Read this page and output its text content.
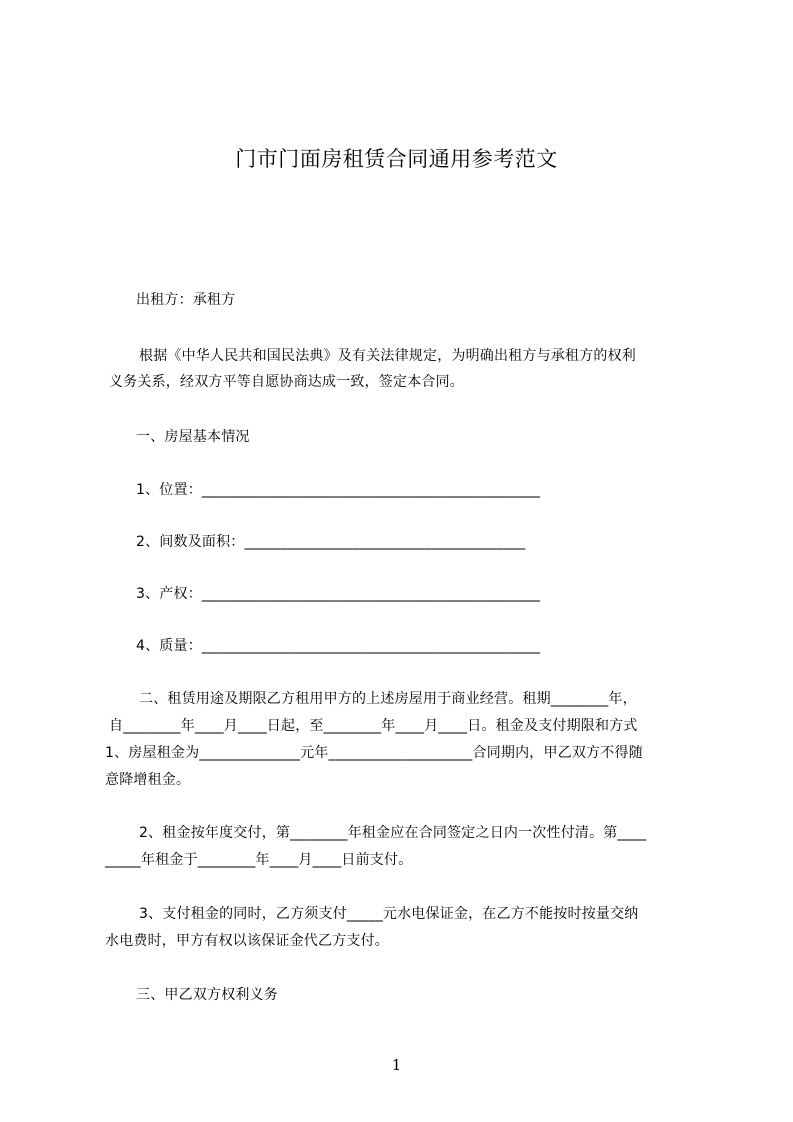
门市门面房租赁合同通用参考范文
出租方：承租方
根据《中华人民共和国民法典》及有关法律规定，为明确出租方与承租方的权利
义务关系，经双方平等自愿协商达成一致，签定本合同。
一、房屋基本情况
1、位置：_______________________________________________
2、间数及面积：_______________________________________
3、产权：_______________________________________________
4、质量：_______________________________________________
二、租赁用途及期限乙方租用甲方的上述房屋用于商业经营。租期________年，
自________年____月____日起，至________年____月____日。租金及支付期限和方式
1、房屋租金为______________元年____________________合同期内，甲乙双方不得随
意降增租金。
2、租金按年度交付，第________年租金应在合同签定之日内一次性付清。第____
_____年租金于________年____月____日前支付。
3、支付租金的同时，乙方须支付_____元水电保证金，在乙方不能按时按量交纳
水电费时，甲方有权以该保证金代乙方支付。
三、甲乙双方权利义务
1
